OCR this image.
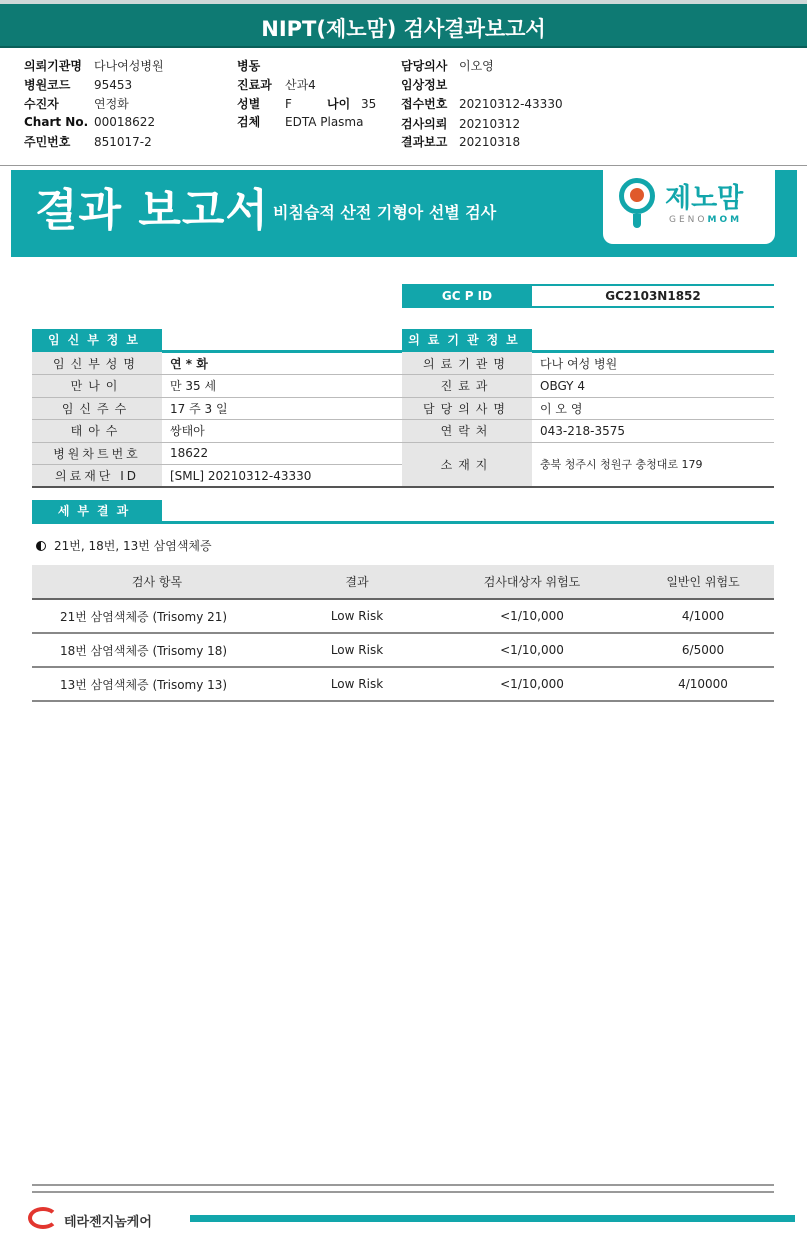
NIPT(제노맘) 검사결과보고서
의뢰기관명 다나여성병원
병원코드 95453
수진자	연정화
Chart No. 00018622
주민번호 851017-2
병동
진료과 산과4
성별 F	나이 35
검체 EDTA Plasma
담당의사 이오영
임상정보
접수번호 20210312-43330
검사의뢰 20210312
결과보고 20210318
결과 보고서 비침습적 산전 기형아 선별 검사	제노맘
GENOMOM
GC P ID	GC2103N1852
임신부정보	의료기관정보
임신부성명	연 * 화
만나이	만 35 세
임신주수	17 주 3 일
태아수	쌍태아
병원차트번호	18622
의료재단 ID	[SML] 20210312-43330
의료기관명	다나 여성 병원
진료과	OBGY 4
담당의사명	이 오 영
연락처	043-218-3575
소재지	충북 청주시 청원구 충청대로 179
세부결과
21번, 18번, 13번 삼염색체증
검사 항목	결과	검사대상자 위험도	일반인 위험도
21번 삼염색체증 (Trisomy 21)	Low Risk	<1/10,000	4/1000
18번 삼염색체증 (Trisomy 18)	Low Risk	<1/10,000	6/5000
13번 삼염색체증 (Trisomy 13)	Low Risk	<1/10,000	4/10000
테라젠지놈케어
